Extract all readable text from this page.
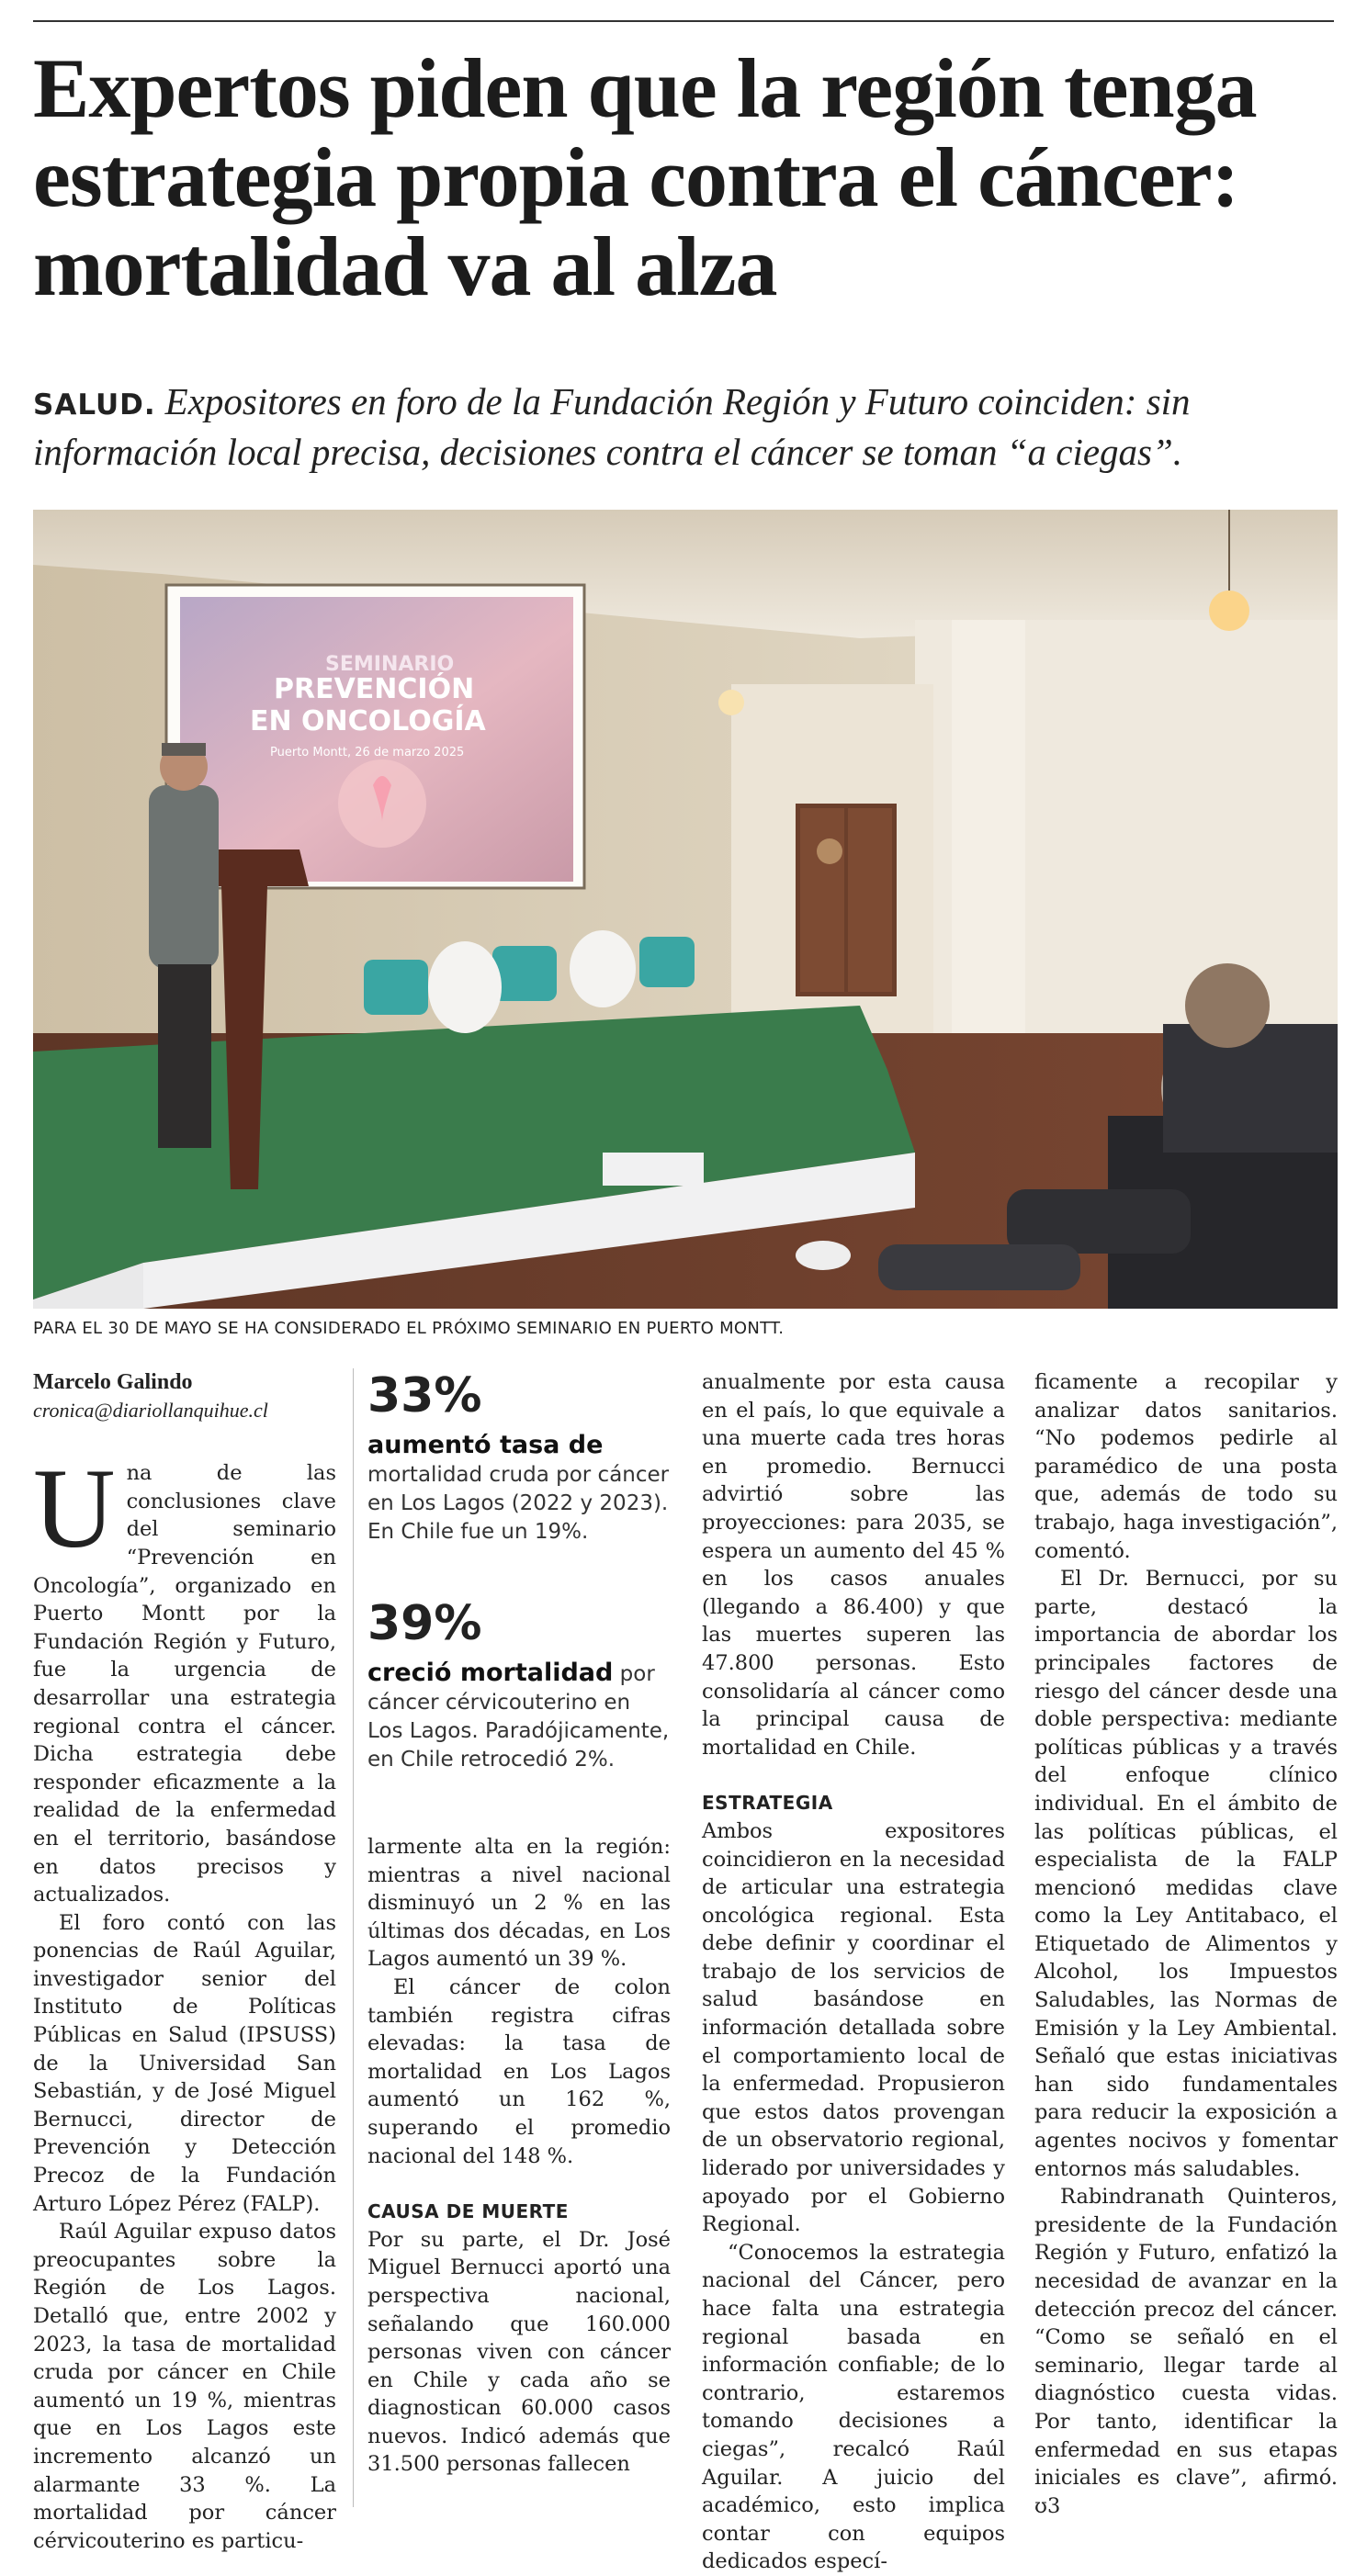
Expertos piden que la región tenga estrategia propia contra el cáncer: mortalidad va al alza
SALUD. Expositores en foro de la Fundación Región y Futuro coinciden: sin información local precisa, decisiones contra el cáncer se toman “a ciegas”.
SEMINARIO
PREVENCIÓN
EN ONCOLOGÍA
Puerto Montt, 26 de marzo 2025
PARA EL 30 DE MAYO SE HA CONSIDERADO EL PRÓXIMO SEMINARIO EN PUERTO MONTT.

Marcelo Galindo

cronica@diariollanquihue.cl

Una de las conclusiones clave del seminario “Prevención en Oncología”, organizado en Puerto Montt por la Fundación Región y Futuro, fue la urgencia de desarrollar una estrategia regional contra el cáncer. Dicha estrategia debe responder eficazmente a la realidad de la enfermedad en el territorio, basándose en datos precisos y actualizados.

El foro contó con las ponencias de Raúl Aguilar, investigador senior del Instituto de Políticas Públicas en Salud (IPSUSS) de la Universidad San Sebastián, y de José Miguel Bernucci, director de Prevención y Detección Precoz de la Fundación Arturo López Pérez (FALP).

Raúl Aguilar expuso datos preocupantes sobre la Región de Los Lagos. Detalló que, entre 2002 y 2023, la tasa de mortalidad cruda por cáncer en Chile aumentó un 19 %, mientras que en Los Lagos este incremento alcanzó un alarmante 33 %. La mortalidad por cáncer cérvicouterino es particu-

33%
aumentó tasa de mortalidad cruda por cáncer en Los Lagos (2022 y 2023). En Chile fue un 19%.
39%
creció mortalidad por cáncer cérvicouterino en Los Lagos. Paradójicamente, en Chile retrocedió 2%.

larmente alta en la región: mientras a nivel nacional disminuyó un 2 % en las últimas dos décadas, en Los Lagos aumentó un 39 %.

El cáncer de colon también registra cifras elevadas: la tasa de mortalidad en Los Lagos aumentó un 162 %, superando el promedio nacional del 148 %.

CAUSA DE MUERTE

Por su parte, el Dr. José Miguel Bernucci aportó una perspectiva nacional, señalando que 160.000 personas viven con cáncer en Chile y cada año se diagnostican 60.000 casos nuevos. Indicó además que 31.500 personas fallecen

anualmente por esta causa en el país, lo que equivale a una muerte cada tres horas en promedio. Bernucci advirtió sobre las proyecciones: para 2035, se espera un aumento del 45 % en los casos anuales (llegando a 86.400) y que las muertes superen las 47.800 personas. Esto consolidaría al cáncer como la principal causa de mortalidad en Chile.

ESTRATEGIA

Ambos expositores coincidieron en la necesidad de articular una estrategia oncológica regional. Esta debe definir y coordinar el trabajo de los servicios de salud basándose en información detallada sobre el comportamiento local de la enfermedad. Propusieron que estos datos provengan de un observatorio regional, liderado por universidades y apoyado por el Gobierno Regional.

“Conocemos la estrategia nacional del Cáncer, pero hace falta una estrategia regional basada en información confiable; de lo contrario, estaremos tomando decisiones a ciegas”, recalcó Raúl Aguilar. A juicio del académico, esto implica contar con equipos dedicados especí-

ficamente a recopilar y analizar datos sanitarios. “No podemos pedirle al paramédico de una posta que, además de todo su trabajo, haga investigación”, comentó.

El Dr. Bernucci, por su parte, destacó la importancia de abordar los principales factores de riesgo del cáncer desde una doble perspectiva: mediante políticas públicas y a través del enfoque clínico individual. En el ámbito de las políticas públicas, el especialista de la FALP mencionó medidas clave como la Ley Antitabaco, el Etiquetado de Alimentos y Alcohol, los Impuestos Saludables, las Normas de Emisión y la Ley Ambiental. Señaló que estas iniciativas han sido fundamentales para reducir la exposición a agentes nocivos y fomentar entornos más saludables.

Rabindranath Quinteros, presidente de la Fundación Región y Futuro, enfatizó la necesidad de avanzar en la detección precoz del cáncer. “Como se señaló en el seminario, llegar tarde al diagnóstico cuesta vidas. Por tanto, identificar la enfermedad en sus etapas iniciales es clave”, afirmó. ʊ3
